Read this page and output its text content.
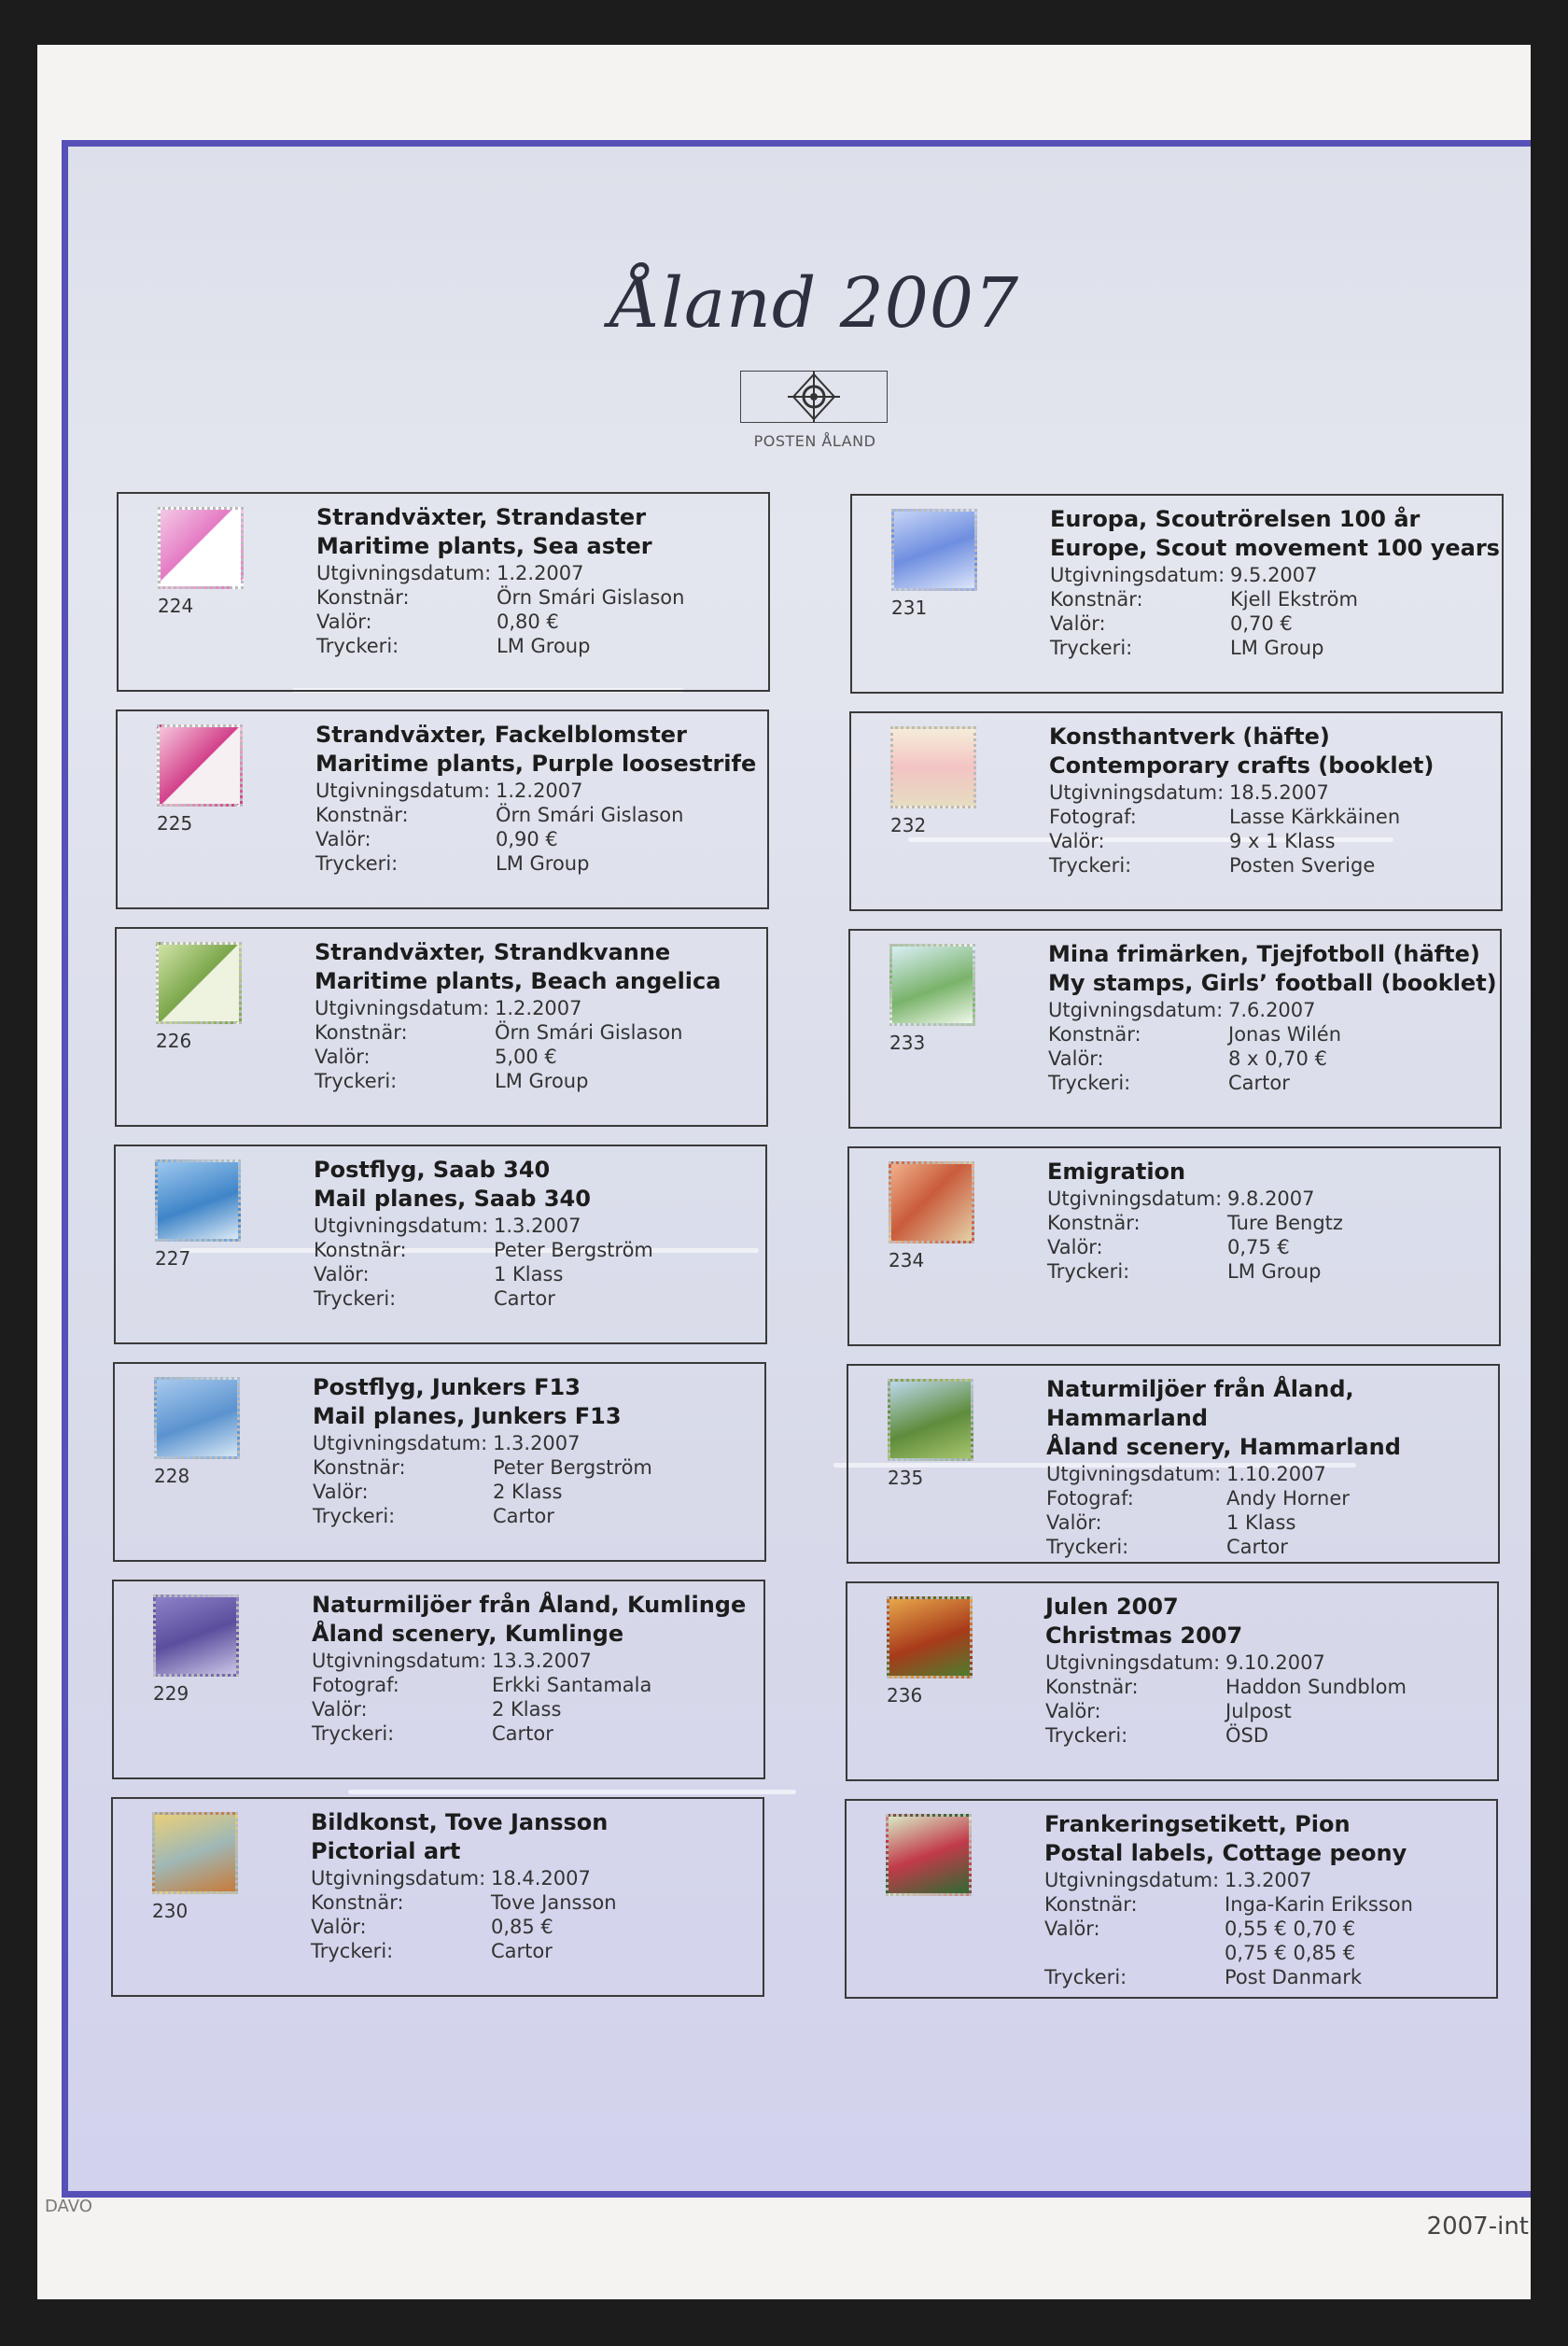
Åland 2007
POSTEN ÅLAND
224
Strandväxter, Strandaster
Maritime plants, Sea aster
Utgivningsdatum: 1.2.2007
Konstnär:	Örn Smári Gislason
Valör:	0,80 €
Tryckeri:	LM Group
225
Strandväxter, Fackelblomster
Maritime plants, Purple loosestrife
Utgivningsdatum: 1.2.2007
Konstnär:	Örn Smári Gislason
Valör:	0,90 €
Tryckeri:	LM Group
226
Strandväxter, Strandkvanne
Maritime plants, Beach angelica
Utgivningsdatum: 1.2.2007
Konstnär:	Örn Smári Gislason
Valör:	5,00 €
Tryckeri:	LM Group
227
Postflyg, Saab 340
Mail planes, Saab 340
Utgivningsdatum: 1.3.2007
Konstnär:	Peter Bergström
Valör:	1 Klass
Tryckeri:	Cartor
228
Postflyg, Junkers F13
Mail planes, Junkers F13
Utgivningsdatum: 1.3.2007
Konstnär:	Peter Bergström
Valör:	2 Klass
Tryckeri:	Cartor
229
Naturmiljöer från Åland, Kumlinge
Åland scenery, Kumlinge
Utgivningsdatum: 13.3.2007
Fotograf:	Erkki Santamala
Valör:	2 Klass
Tryckeri:	Cartor
230
Bildkonst, Tove Jansson
Pictorial art
Utgivningsdatum: 18.4.2007
Konstnär:	Tove Jansson
Valör:	0,85 €
Tryckeri:	Cartor
231
Europa, Scoutrörelsen 100 år
Europe, Scout movement 100 years
Utgivningsdatum: 9.5.2007
Konstnär:	Kjell Ekström
Valör:	0,70 €
Tryckeri:	LM Group
232
Konsthantverk (häfte)
Contemporary crafts (booklet)
Utgivningsdatum: 18.5.2007
Fotograf:	Lasse Kärkkäinen
Valör:	9 x 1 Klass
Tryckeri:	Posten Sverige
233
Mina frimärken, Tjejfotboll (häfte)
My stamps, Girls’ football (booklet)
Utgivningsdatum: 7.6.2007
Konstnär:	Jonas Wilén
Valör:	8 x 0,70 €
Tryckeri:	Cartor
234
Emigration
Utgivningsdatum: 9.8.2007
Konstnär:	Ture Bengtz
Valör:	0,75 €
Tryckeri:	LM Group
235
Naturmiljöer från Åland, Hammarland
Åland scenery, Hammarland
Utgivningsdatum: 1.10.2007
Fotograf:	Andy Horner
Valör:	1 Klass
Tryckeri:	Cartor
236
Julen 2007
Christmas 2007
Utgivningsdatum: 9.10.2007
Konstnär:	Haddon Sundblom
Valör:	Julpost
Tryckeri:	ÖSD
Frankeringsetikett, Pion
Postal labels, Cottage peony
Utgivningsdatum: 1.3.2007
Konstnär:	Inga-Karin Eriksson
Valör:	0,55 € 0,70 €
0,75 € 0,85 €
Tryckeri:	Post Danmark
DAVO
2007-int
